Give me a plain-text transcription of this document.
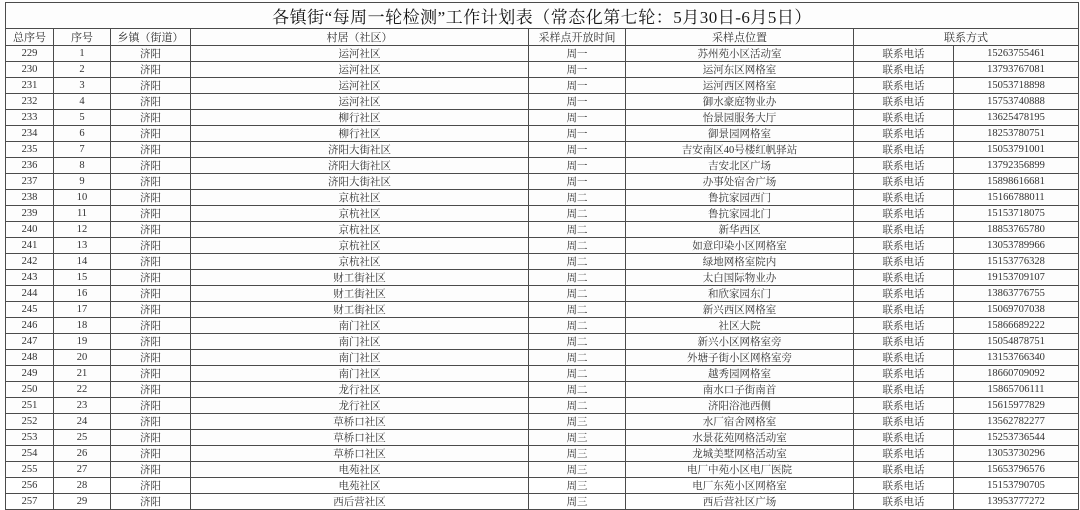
各镇街“每周一轮检测”工作计划表（常态化第七轮：5月30日-6月5日）							
总序号	序号	乡镇（街道）	村居（社区）	采样点开放时间	采样点位置	联系方式	
229	1	济阳	运河社区	周一	苏州苑小区活动室	联系电话	15263755461
230	2	济阳	运河社区	周一	运河东区网格室	联系电话	13793767081
231	3	济阳	运河社区	周一	运河西区网格室	联系电话	15053718898
232	4	济阳	运河社区	周一	御水豪庭物业办	联系电话	15753740888
233	5	济阳	柳行社区	周一	怡景园服务大厅	联系电话	13625478195
234	6	济阳	柳行社区	周一	御景园网格室	联系电话	18253780751
235	7	济阳	济阳大街社区	周一	吉安南区40号楼红帆驿站	联系电话	15053791001
236	8	济阳	济阳大街社区	周一	吉安北区广场	联系电话	13792356899
237	9	济阳	济阳大街社区	周一	办事处宿舍广场	联系电话	15898616681
238	10	济阳	京杭社区	周二	鲁抗家园西门	联系电话	15166788011
239	11	济阳	京杭社区	周二	鲁抗家园北门	联系电话	15153718075
240	12	济阳	京杭社区	周二	新华西区	联系电话	18853765780
241	13	济阳	京杭社区	周二	如意印染小区网格室	联系电话	13053789966
242	14	济阳	京杭社区	周二	绿地网格室院内	联系电话	15153776328
243	15	济阳	财工街社区	周二	太白国际物业办	联系电话	19153709107
244	16	济阳	财工街社区	周二	和欣家园东门	联系电话	13863776755
245	17	济阳	财工街社区	周二	新兴西区网格室	联系电话	15069707038
246	18	济阳	南门社区	周二	社区大院	联系电话	15866689222
247	19	济阳	南门社区	周二	新兴小区网格室旁	联系电话	15054878751
248	20	济阳	南门社区	周二	外塘子街小区网格室旁	联系电话	13153766340
249	21	济阳	南门社区	周二	越秀园网格室	联系电话	18660709092
250	22	济阳	龙行社区	周二	南水口子街南首	联系电话	15865706111
251	23	济阳	龙行社区	周二	济阳浴池西侧	联系电话	15615977829
252	24	济阳	草桥口社区	周三	水厂宿舍网格室	联系电话	13562782277
253	25	济阳	草桥口社区	周三	水景花苑网格活动室	联系电话	15253736544
254	26	济阳	草桥口社区	周三	龙城美墅网格活动室	联系电话	13053730296
255	27	济阳	电苑社区	周三	电厂中苑小区电厂医院	联系电话	15653796576
256	28	济阳	电苑社区	周三	电厂东苑小区网格室	联系电话	15153790705
257	29	济阳	西后营社区	周三	西后营社区广场	联系电话	13953777272
